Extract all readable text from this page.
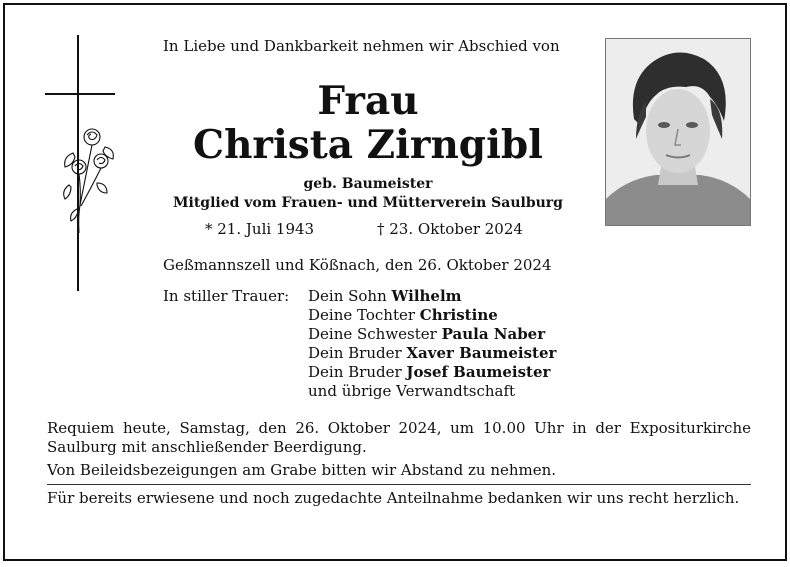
In Liebe und Dankbarkeit nehmen wir Abschied von
Frau
Christa Zirngibl
geb. Baumeister
Mitglied vom Frauen- und Mütterverein Saulburg
* 21. Juli 1943	† 23. Oktober 2024
Geßmannszell und Kößnach, den 26. Oktober 2024
In stiller Trauer: Dein Sohn Wilhelm
Deine Tochter Christine
Deine Schwester Paula Naber
Dein Bruder Xaver Baumeister
Dein Bruder Josef Baumeister
und übrige Verwandtschaft
Requiem heute, Samstag, den 26. Oktober 2024, um 10.00 Uhr in der Expositurkirche Saulburg mit anschließender Beerdigung.
Von Beileidsbezeigungen am Grabe bitten wir Abstand zu nehmen.
Für bereits erwiesene und noch zugedachte Anteilnahme bedanken wir uns recht herzlich.
